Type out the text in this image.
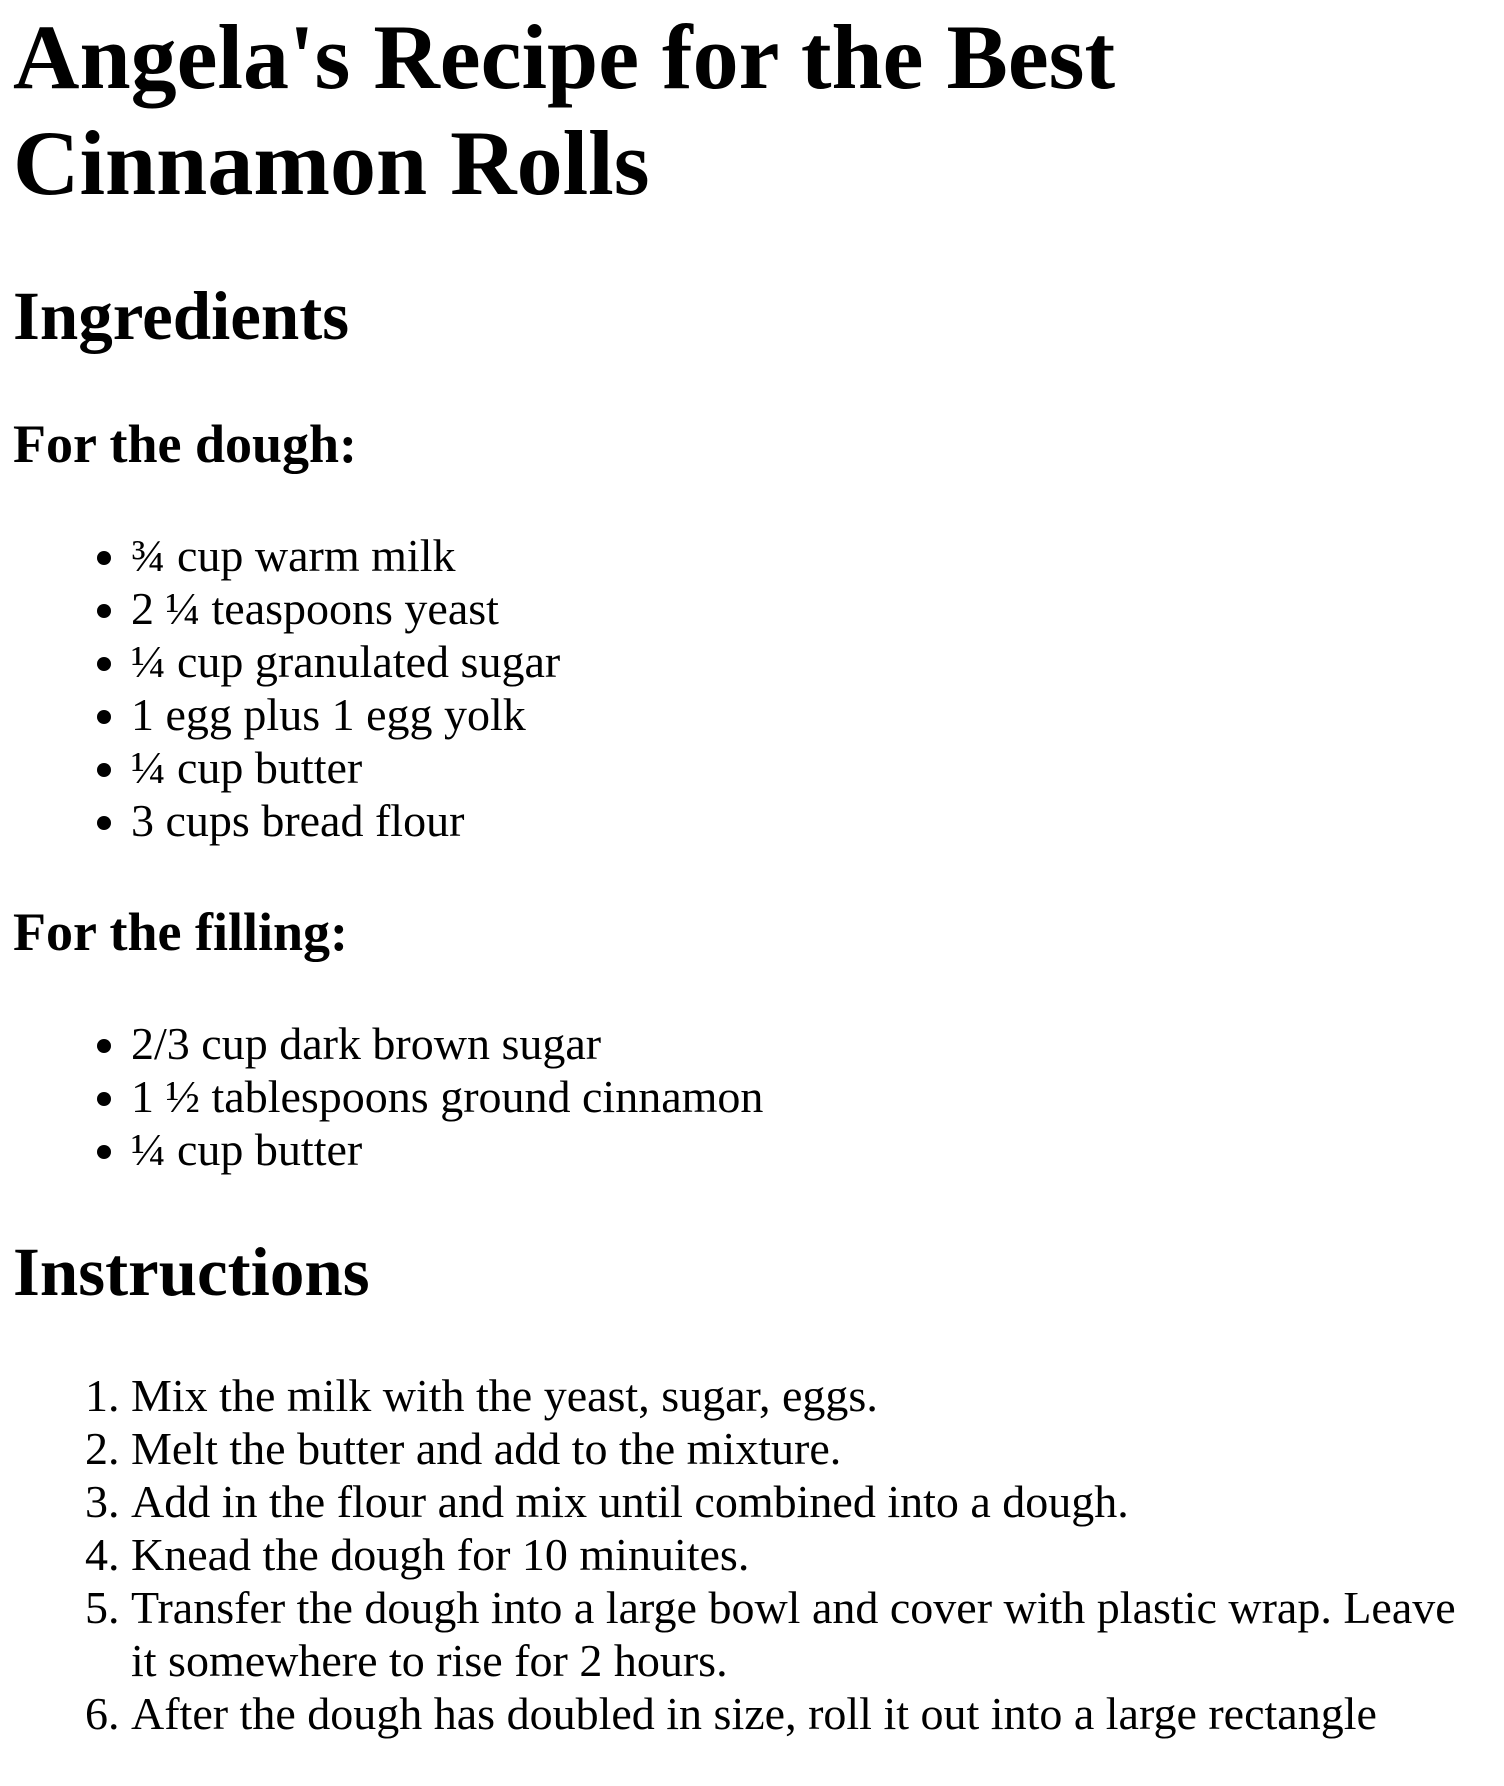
Angela's Recipe for the Best Cinnamon Rolls
Ingredients
For the dough:
• ¾ cup warm milk
• 2 ¼ teaspoons yeast
• ¼ cup granulated sugar
• 1 egg plus 1 egg yolk
• ¼ cup butter
• 3 cups bread flour
For the filling:
• 2/3 cup dark brown sugar
• 1 ½ tablespoons ground cinnamon
• ¼ cup butter
Instructions
1. Mix the milk with the yeast, sugar, eggs.
2. Melt the butter and add to the mixture.
3. Add in the flour and mix until combined into a dough.
4. Knead the dough for 10 minuites.
5. Transfer the dough into a large bowl and cover with plastic wrap. Leave it somewhere to rise for 2 hours.
6. After the dough has doubled in size, roll it out into a large rectangle
